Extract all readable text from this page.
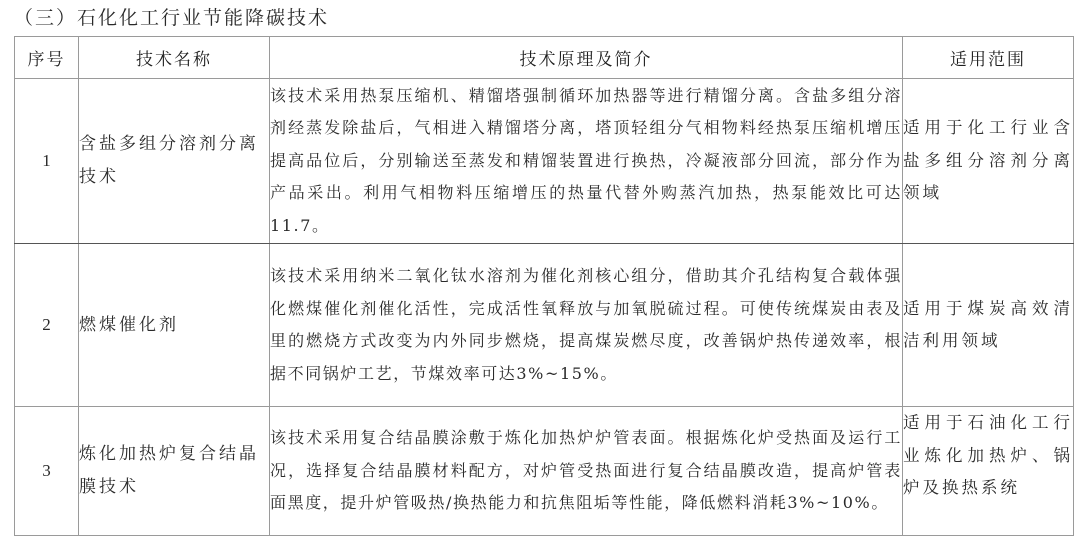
（三）石化化工行业节能降碳技术
序号	技术名称	技术原理及简介	适用范围
1	含盐多组分溶剂分离技术	该技术采用热泵压缩机、精馏塔强制循环加热器等进行精馏分离。含盐多组分溶剂经蒸发除盐后，气相进入精馏塔分离，塔顶轻组分气相物料经热泵压缩机增压提高品位后，分别输送至蒸发和精馏装置进行换热，冷凝液部分回流，部分作为产品采出。利用气相物料压缩增压的热量代替外购蒸汽加热，热泵能效比可达11.7。	适用于化工行业含盐多组分溶剂分离领域
2	燃煤催化剂	该技术采用纳米二氧化钛水溶剂为催化剂核心组分，借助其介孔结构复合载体强化燃煤催化剂催化活性，完成活性氧释放与加氧脱硫过程。可使传统煤炭由表及里的燃烧方式改变为内外同步燃烧，提高煤炭燃尽度，改善锅炉热传递效率，根据不同锅炉工艺，节煤效率可达3%~15%。	适用于煤炭高效清洁利用领域
3	炼化加热炉复合结晶膜技术	该技术采用复合结晶膜涂敷于炼化加热炉炉管表面。根据炼化炉受热面及运行工况，选择复合结晶膜材料配方，对炉管受热面进行复合结晶膜改造，提高炉管表面黑度，提升炉管吸热/换热能力和抗焦阻垢等性能，降低燃料消耗3%~10%。	适用于石油化工行业炼化加热炉、锅炉及换热系统
